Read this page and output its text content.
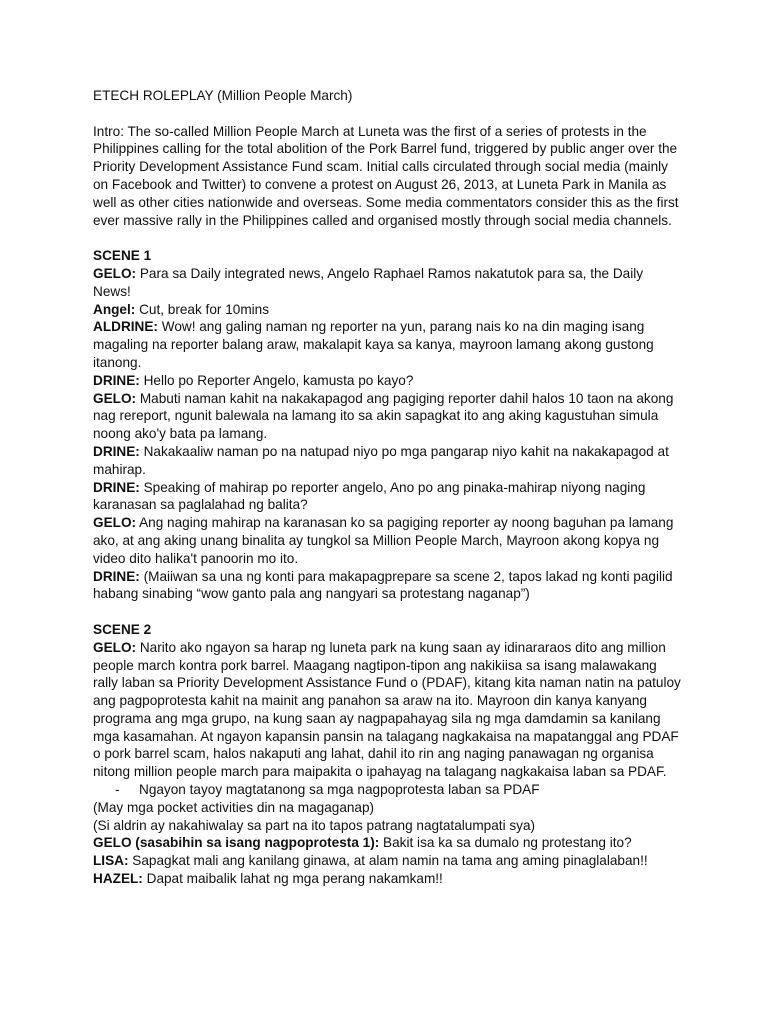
ETECH ROLEPLAY (Million People March)

Intro: The so-called Million People March at Luneta was the first of a series of protests in the Philippines calling for the total abolition of the Pork Barrel fund, triggered by public anger over the Priority Development Assistance Fund scam. Initial calls circulated through social media (mainly on Facebook and Twitter) to convene a protest on August 26, 2013, at Luneta Park in Manila as well as other cities nationwide and overseas. Some media commentators consider this as the first ever massive rally in the Philippines called and organised mostly through social media channels.

SCENE 1

GELO: Para sa Daily integrated news, Angelo Raphael Ramos nakatutok para sa, the Daily News!

Angel: Cut, break for 10mins

ALDRINE: Wow! ang galing naman ng reporter na yun, parang nais ko na din maging isang magaling na reporter balang araw, makalapit kaya sa kanya, mayroon lamang akong gustong itanong.

DRINE: Hello po Reporter Angelo, kamusta po kayo?

GELO: Mabuti naman kahit na nakakapagod ang pagiging reporter dahil halos 10 taon na akong nag rereport, ngunit balewala na lamang ito sa akin sapagkat ito ang aking kagustuhan simula noong ako'y bata pa lamang.

DRINE: Nakakaaliw naman po na natupad niyo po mga pangarap niyo kahit na nakakapagod at mahirap.

DRINE: Speaking of mahirap po reporter angelo, Ano po ang pinaka-mahirap niyong naging karanasan sa paglalahad ng balita?

GELO: Ang naging mahirap na karanasan ko sa pagiging reporter ay noong baguhan pa lamang ako, at ang aking unang binalita ay tungkol sa Million People March, Mayroon akong kopya ng video dito halika't panoorin mo ito.

DRINE: (Maiiwan sa una ng konti para makapagprepare sa scene 2, tapos lakad ng konti pagilid habang sinabing “wow ganto pala ang nangyari sa protestang naganap”)

SCENE 2

GELO: Narito ako ngayon sa harap ng luneta park na kung saan ay idinararaos dito ang million people march kontra pork barrel. Maagang nagtipon-tipon ang nakikiisa sa isang malawakang rally laban sa Priority Development Assistance Fund o (PDAF), kitang kita naman natin na patuloy ang pagpoprotesta kahit na mainit ang panahon sa araw na ito. Mayroon din kanya kanyang programa ang mga grupo, na kung saan ay nagpapahayag sila ng mga damdamin sa kanilang mga kasamahan. At ngayon kapansin pansin na talagang nagkakaisa na mapatanggal ang PDAF o pork barrel scam, halos nakaputi ang lahat, dahil ito rin ang naging panawagan ng organisa nitong million people march para maipakita o ipahayag na talagang nagkakaisa laban sa PDAF.

- Ngayon tayoy magtatanong sa mga nagpoprotesta laban sa PDAF

(May mga pocket activities din na magaganap)

(Si aldrin ay nakahiwalay sa part na ito tapos patrang nagtatalumpati sya)

GELO (sasabihin sa isang nagpoprotesta 1): Bakit isa ka sa dumalo ng protestang ito?

LISA: Sapagkat mali ang kanilang ginawa, at alam namin na tama ang aming pinaglalaban!!

HAZEL: Dapat maibalik lahat ng mga perang nakamkam!!
